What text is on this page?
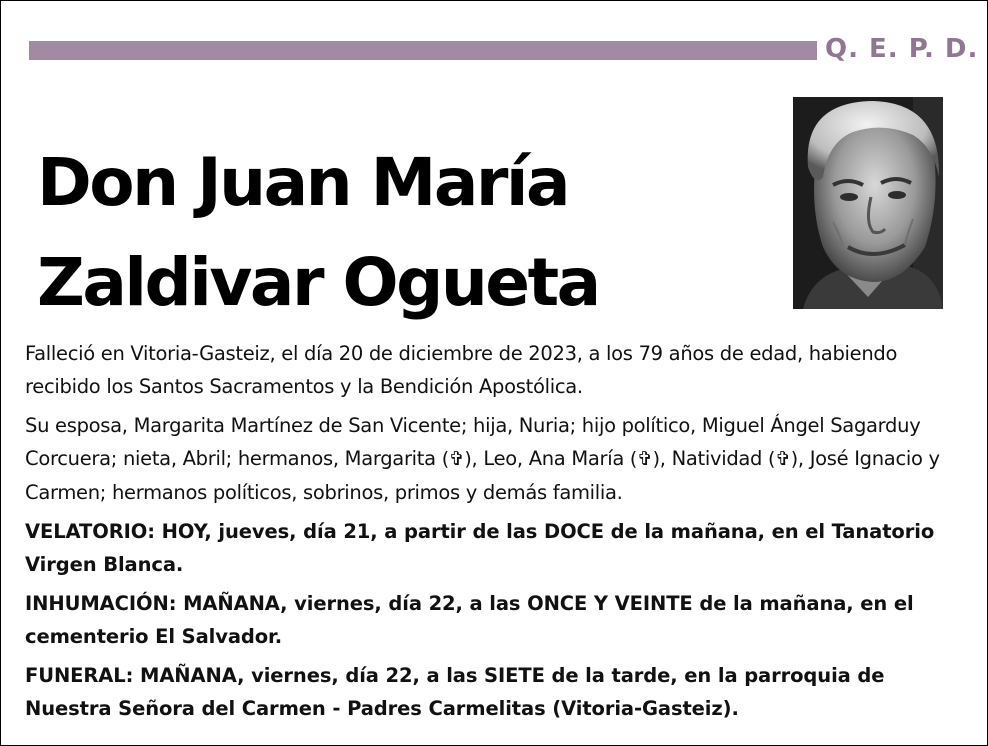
Q. E. P. D.
Don Juan María
Zaldivar Ogueta

Falleció en Vitoria-Gasteiz, el día 20 de diciembre de 2023, a los 79 años de edad, habiendo recibido los Santos Sacramentos y la Bendición Apostólica.

Su esposa, Margarita Martínez de San Vicente; hija, Nuria; hijo político, Miguel Ángel Sagarduy Corcuera; nieta, Abril; hermanos, Margarita (✞), Leo, Ana María (✞), Natividad (✞), José Ignacio y Carmen; hermanos políticos, sobrinos, primos y demás familia.

VELATORIO: HOY, jueves, día 21, a partir de las DOCE de la mañana, en el Tanatorio Virgen Blanca.

INHUMACIÓN: MAÑANA, viernes, día 22, a las ONCE Y VEINTE de la mañana, en el cementerio El Salvador.

FUNERAL: MAÑANA, viernes, día 22, a las SIETE de la tarde, en la parroquia de Nuestra Señora del Carmen - Padres Carmelitas (Vitoria-Gasteiz).
